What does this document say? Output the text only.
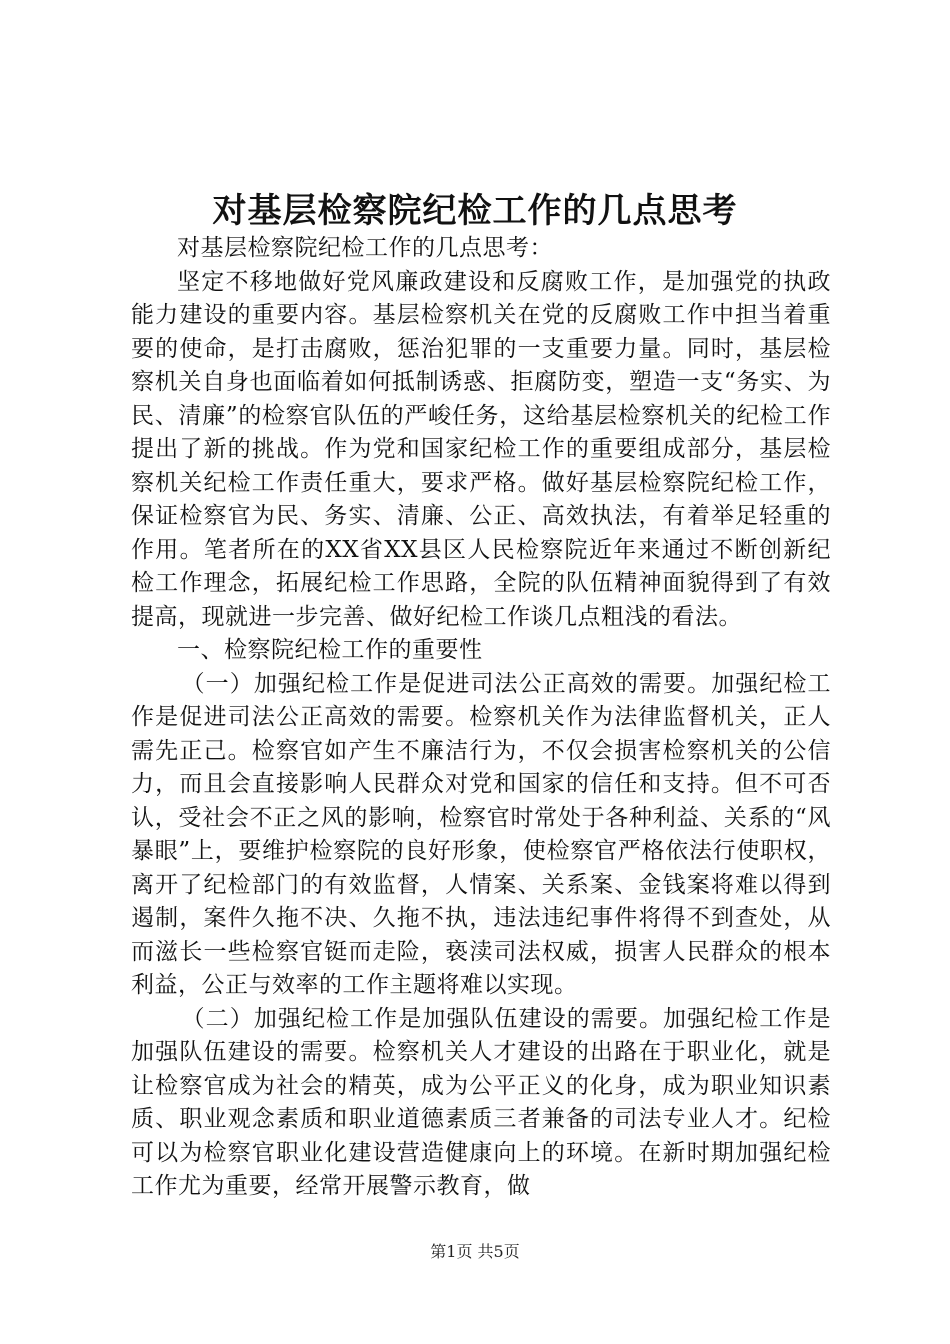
对基层检察院纪检工作的几点思考

对基层检察院纪检工作的几点思考：

坚定不移地做好党风廉政建设和反腐败工作，是加强党的执政能力建设的重要内容。基层检察机关在党的反腐败工作中担当着重要的使命，是打击腐败，惩治犯罪的一支重要力量。同时，基层检察机关自身也面临着如何抵制诱惑、拒腐防变，塑造一支“务实、为民、清廉”的检察官队伍的严峻任务，这给基层检察机关的纪检工作提出了新的挑战。作为党和国家纪检工作的重要组成部分，基层检察机关纪检工作责任重大，要求严格。做好基层检察院纪检工作，保证检察官为民、务实、清廉、公正、高效执法，有着举足轻重的作用。笔者所在的XX省XX县区人民检察院近年来通过不断创新纪检工作理念，拓展纪检工作思路，全院的队伍精神面貌得到了有效提高，现就进一步完善、做好纪检工作谈几点粗浅的看法。

一、检察院纪检工作的重要性

（一）加强纪检工作是促进司法公正高效的需要。加强纪检工作是促进司法公正高效的需要。检察机关作为法律监督机关，正人需先正己。检察官如产生不廉洁行为，不仅会损害检察机关的公信力，而且会直接影响人民群众对党和国家的信任和支持。但不可否认，受社会不正之风的影响，检察官时常处于各种利益、关系的“风暴眼”上，要维护检察院的良好形象，使检察官严格依法行使职权，离开了纪检部门的有效监督，人情案、关系案、金钱案将难以得到遏制，案件久拖不决、久拖不执，违法违纪事件将得不到查处，从而滋长一些检察官铤而走险，亵渎司法权威，损害人民群众的根本利益，公正与效率的工作主题将难以实现。

（二）加强纪检工作是加强队伍建设的需要。加强纪检工作是加强队伍建设的需要。检察机关人才建设的出路在于职业化，就是让检察官成为社会的精英，成为公平正义的化身，成为职业知识素质、职业观念素质和职业道德素质三者兼备的司法专业人才。纪检可以为检察官职业化建设营造健康向上的环境。在新时期加强纪检工作尤为重要，经常开展警示教育，做

第1页 共5页
